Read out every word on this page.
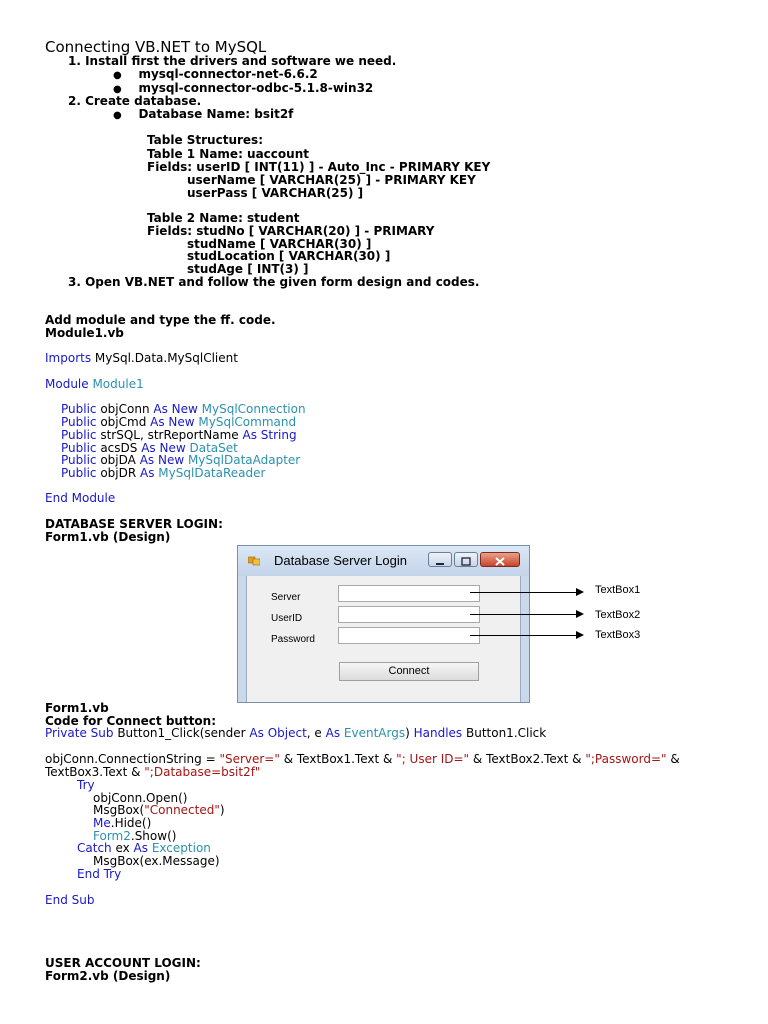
Connecting VB.NET to MySQL
1. Install first the drivers and software we need.
● mysql-connector-net-6.6.2
● mysql-connector-odbc-5.1.8-win32
2. Create database.
● Database Name: bsit2f
Table Structures:
Table 1 Name: uaccount
Fields: userID [ INT(11) ] - Auto_Inc - PRIMARY KEY
userName [ VARCHAR(25) ] - PRIMARY KEY
userPass [ VARCHAR(25) ]
Table 2 Name: student
Fields: studNo [ VARCHAR(20) ] - PRIMARY
studName [ VARCHAR(30) ]
studLocation [ VARCHAR(30) ]
studAge [ INT(3) ]
3. Open VB.NET and follow the given form design and codes.
Add module and type the ff. code.
Module1.vb
Imports MySql.Data.MySqlClient
Module Module1
Public objConn As New MySqlConnection
Public objCmd As New MySqlCommand
Public strSQL, strReportName As String
Public acsDS As New DataSet
Public objDA As New MySqlDataAdapter
Public objDR As MySqlDataReader
End Module
DATABASE SERVER LOGIN:
Form1.vb (Design)
Database Server Login
Server
UserID
Password
Connect
TextBox1
TextBox2
TextBox3
Form1.vb
Code for Connect button:
Private Sub Button1_Click(sender As Object, e As EventArgs) Handles Button1.Click
objConn.ConnectionString = "Server=" & TextBox1.Text & "; User ID=" & TextBox2.Text & ";Password=" &
TextBox3.Text & ";Database=bsit2f"
Try
objConn.Open()
MsgBox("Connected")
Me.Hide()
Form2.Show()
Catch ex As Exception
MsgBox(ex.Message)
End Try
End Sub
USER ACCOUNT LOGIN:
Form2.vb (Design)
